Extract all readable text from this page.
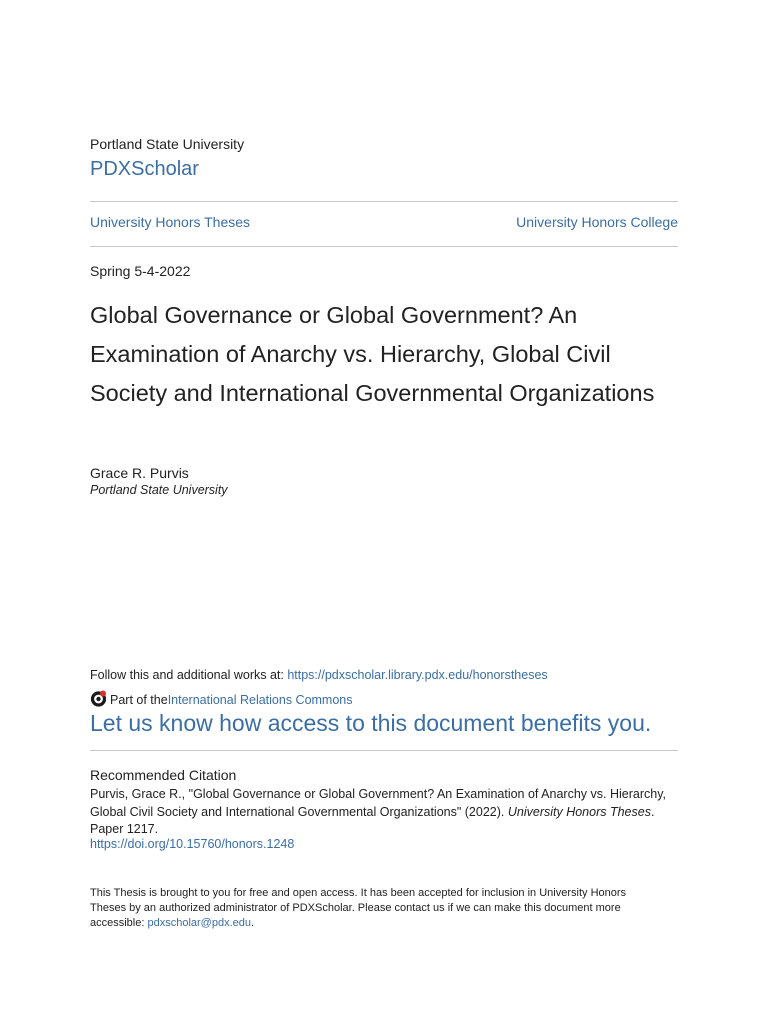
Portland State University
PDXScholar
University Honors Theses	University Honors College
Spring 5-4-2022
Global Governance or Global Government? An Examination of Anarchy vs. Hierarchy, Global Civil Society and International Governmental Organizations
Grace R. Purvis
Portland State University
Follow this and additional works at: https://pdxscholar.library.pdx.edu/honorstheses
Part of the International Relations Commons
Let us know how access to this document benefits you.
Recommended Citation
Purvis, Grace R., "Global Governance or Global Government? An Examination of Anarchy vs. Hierarchy, Global Civil Society and International Governmental Organizations" (2022). University Honors Theses. Paper 1217.
https://doi.org/10.15760/honors.1248
This Thesis is brought to you for free and open access. It has been accepted for inclusion in University Honors Theses by an authorized administrator of PDXScholar. Please contact us if we can make this document more accessible: pdxscholar@pdx.edu.
